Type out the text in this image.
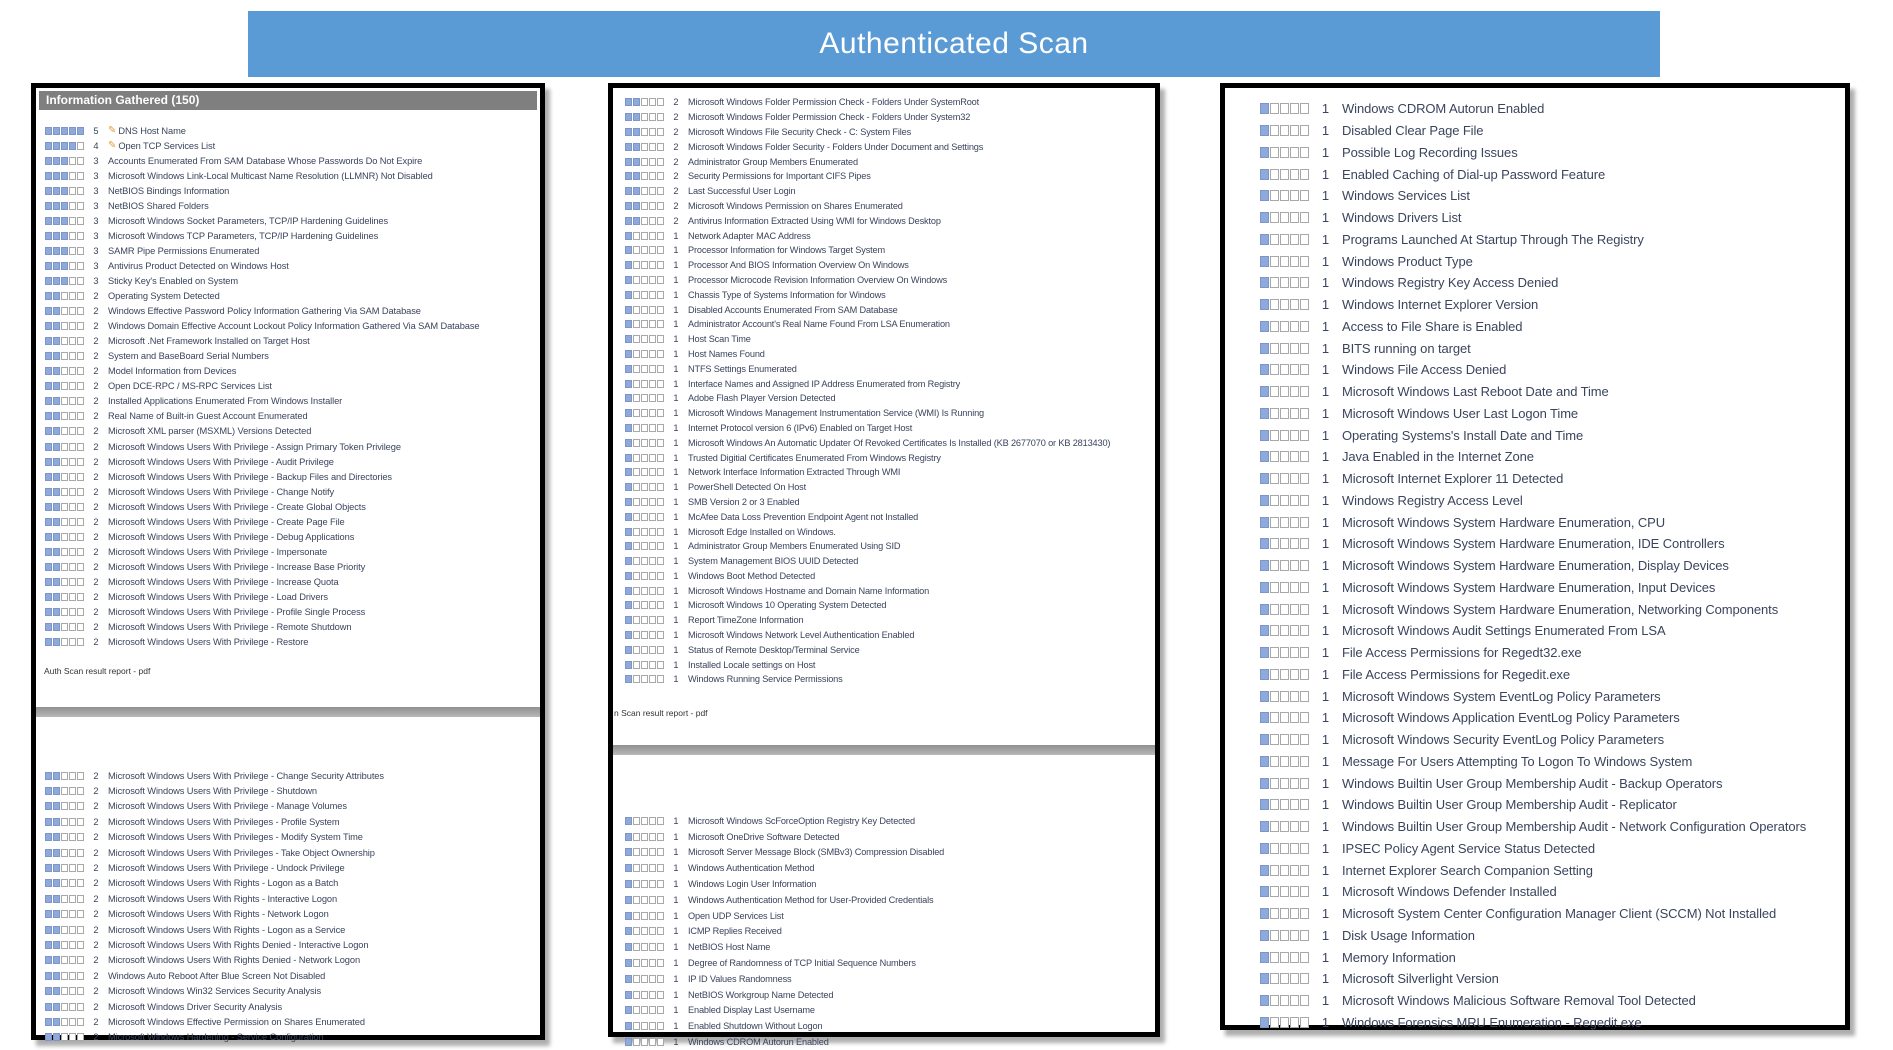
Authenticated Scan
Information Gathered (150)
5 ✎ DNS Host Name
4 ✎ Open TCP Services List
3	Accounts Enumerated From SAM Database Whose Passwords Do Not Expire
3	Microsoft Windows Link-Local Multicast Name Resolution (LLMNR) Not Disabled
3	NetBIOS Bindings Information
3	NetBIOS Shared Folders
3	Microsoft Windows Socket Parameters, TCP/IP Hardening Guidelines
3	Microsoft Windows TCP Parameters, TCP/IP Hardening Guidelines
3	SAMR Pipe Permissions Enumerated
3	Antivirus Product Detected on Windows Host
3	Sticky Key's Enabled on System
2	Operating System Detected
2	Windows Effective Password Policy Information Gathering Via SAM Database
2	Windows Domain Effective Account Lockout Policy Information Gathered Via SAM Database
2	Microsoft .Net Framework Installed on Target Host
2	System and BaseBoard Serial Numbers
2	Model Information from Devices
2	Open DCE-RPC / MS-RPC Services List
2	Installed Applications Enumerated From Windows Installer
2	Real Name of Built-in Guest Account Enumerated
2	Microsoft XML parser (MSXML) Versions Detected
2	Microsoft Windows Users With Privilege - Assign Primary Token Privilege
2	Microsoft Windows Users With Privilege - Audit Privilege
2	Microsoft Windows Users With Privilege - Backup Files and Directories
2	Microsoft Windows Users With Privilege - Change Notify
2	Microsoft Windows Users With Privilege - Create Global Objects
2	Microsoft Windows Users With Privilege - Create Page File
2	Microsoft Windows Users With Privilege - Debug Applications
2	Microsoft Windows Users With Privilege - Impersonate
2	Microsoft Windows Users With Privilege - Increase Base Priority
2	Microsoft Windows Users With Privilege - Increase Quota
2	Microsoft Windows Users With Privilege - Load Drivers
2	Microsoft Windows Users With Privilege - Profile Single Process
2	Microsoft Windows Users With Privilege - Remote Shutdown
2	Microsoft Windows Users With Privilege - Restore
Auth Scan result report - pdf
2	Microsoft Windows Users With Privilege - Change Security Attributes
2	Microsoft Windows Users With Privilege - Shutdown
2	Microsoft Windows Users With Privilege - Manage Volumes
2	Microsoft Windows Users With Privileges - Profile System
2	Microsoft Windows Users With Privileges - Modify System Time
2	Microsoft Windows Users With Privileges - Take Object Ownership
2	Microsoft Windows Users With Privilege - Undock Privilege
2	Microsoft Windows Users With Rights - Logon as a Batch
2	Microsoft Windows Users With Rights - Interactive Logon
2	Microsoft Windows Users With Rights - Network Logon
2	Microsoft Windows Users With Rights - Logon as a Service
2	Microsoft Windows Users With Rights Denied - Interactive Logon
2	Microsoft Windows Users With Rights Denied - Network Logon
2	Windows Auto Reboot After Blue Screen Not Disabled
2	Microsoft Windows Win32 Services Security Analysis
2	Microsoft Windows Driver Security Analysis
2	Microsoft Windows Effective Permission on Shares Enumerated
2	Microsoft Windows Hardening - Service Configuration
2	Microsoft Windows Folder Permission Check - Folders Under SystemRoot
2	Microsoft Windows Folder Permission Check - Folders Under System32
2	Microsoft Windows File Security Check - C: System Files
2	Microsoft Windows Folder Security - Folders Under Document and Settings
2	Administrator Group Members Enumerated
2	Security Permissions for Important CIFS Pipes
2	Last Successful User Login
2	Microsoft Windows Permission on Shares Enumerated
2	Antivirus Information Extracted Using WMI for Windows Desktop
1	Network Adapter MAC Address
1	Processor Information for Windows Target System
1	Processor And BIOS Information Overview On Windows
1	Processor Microcode Revision Information Overview On Windows
1	Chassis Type of Systems Information for Windows
1	Disabled Accounts Enumerated From SAM Database
1	Administrator Account's Real Name Found From LSA Enumeration
1	Host Scan Time
1	Host Names Found
1	NTFS Settings Enumerated
1	Interface Names and Assigned IP Address Enumerated from Registry
1	Adobe Flash Player Version Detected
1	Microsoft Windows Management Instrumentation Service (WMI) Is Running
1	Internet Protocol version 6 (IPv6) Enabled on Target Host
1	Microsoft Windows An Automatic Updater Of Revoked Certificates Is Installed (KB 2677070 or KB 2813430)
1	Trusted Digitial Certificates Enumerated From Windows Registry
1	Network Interface Information Extracted Through WMI
1	PowerShell Detected On Host
1	SMB Version 2 or 3 Enabled
1	McAfee Data Loss Prevention Endpoint Agent not Installed
1	Microsoft Edge Installed on Windows.
1	Administrator Group Members Enumerated Using SID
1	System Management BIOS UUID Detected
1	Windows Boot Method Detected
1	Microsoft Windows Hostname and Domain Name Information
1	Microsoft Windows 10 Operating System Detected
1	Report TimeZone Information
1	Microsoft Windows Network Level Authentication Enabled
1	Status of Remote Desktop/Terminal Service
1	Installed Locale settings on Host
1	Windows Running Service Permissions
n Scan result report - pdf
1	Microsoft Windows ScForceOption Registry Key Detected
1	Microsoft OneDrive Software Detected
1	Microsoft Server Message Block (SMBv3) Compression Disabled
1	Windows Authentication Method
1	Windows Login User Information
1	Windows Authentication Method for User-Provided Credentials
1	Open UDP Services List
1	ICMP Replies Received
1	NetBIOS Host Name
1	Degree of Randomness of TCP Initial Sequence Numbers
1	IP ID Values Randomness
1	NetBIOS Workgroup Name Detected
1	Enabled Display Last Username
1	Enabled Shutdown Without Logon
1	Windows CDROM Autorun Enabled
1 Windows CDROM Autorun Enabled
1 Disabled Clear Page File
1 Possible Log Recording Issues
1 Enabled Caching of Dial-up Password Feature
1 Windows Services List
1 Windows Drivers List
1 Programs Launched At Startup Through The Registry
1 Windows Product Type
1 Windows Registry Key Access Denied
1 Windows Internet Explorer Version
1 Access to File Share is Enabled
1 BITS running on target
1 Windows File Access Denied
1 Microsoft Windows Last Reboot Date and Time
1 Microsoft Windows User Last Logon Time
1 Operating Systems's Install Date and Time
1 Java Enabled in the Internet Zone
1 Microsoft Internet Explorer 11 Detected
1 Windows Registry Access Level
1 Microsoft Windows System Hardware Enumeration, CPU
1 Microsoft Windows System Hardware Enumeration, IDE Controllers
1 Microsoft Windows System Hardware Enumeration, Display Devices
1 Microsoft Windows System Hardware Enumeration, Input Devices
1 Microsoft Windows System Hardware Enumeration, Networking Components
1 Microsoft Windows Audit Settings Enumerated From LSA
1 File Access Permissions for Regedt32.exe
1 File Access Permissions for Regedit.exe
1 Microsoft Windows System EventLog Policy Parameters
1 Microsoft Windows Application EventLog Policy Parameters
1 Microsoft Windows Security EventLog Policy Parameters
1 Message For Users Attempting To Logon To Windows System
1 Windows Builtin User Group Membership Audit - Backup Operators
1 Windows Builtin User Group Membership Audit - Replicator
1 Windows Builtin User Group Membership Audit - Network Configuration Operators
1 IPSEC Policy Agent Service Status Detected
1 Internet Explorer Search Companion Setting
1 Microsoft Windows Defender Installed
1 Microsoft System Center Configuration Manager Client (SCCM) Not Installed
1 Disk Usage Information
1 Memory Information
1 Microsoft Silverlight Version
1 Microsoft Windows Malicious Software Removal Tool Detected
1 Windows Forensics MRU Enumeration - Regedit.exe
